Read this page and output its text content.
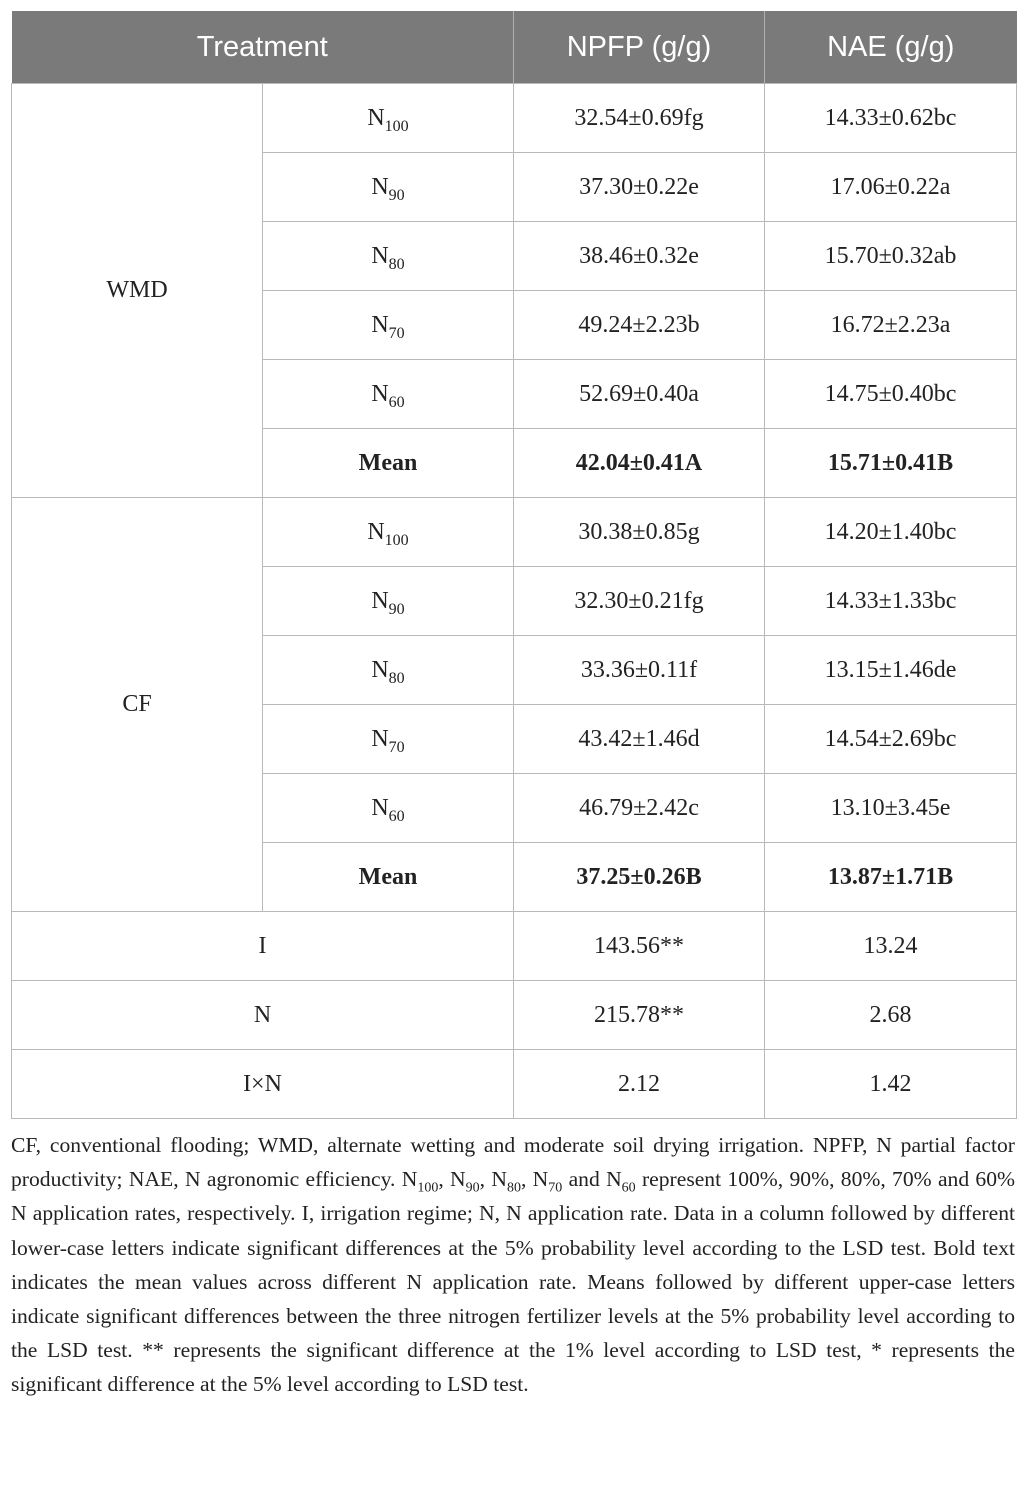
Treatment		NPFP (g/g)	NAE (g/g)
WMD	$N_{100}$	32.54±0.69fg	14.33±0.62bc
	$N_{90}$	37.30±0.22e	17.06±0.22a
	$N_{80}$	38.46±0.32e	15.70±0.32ab
	$N_{70}$	49.24±2.23b	16.72±2.23a
	$N_{60}$	52.69±0.40a	14.75±0.40bc
	Mean	42.04±0.41A	15.71±0.41B
CF	$N_{100}$	30.38±0.85g	14.20±1.40bc
	$N_{90}$	32.30±0.21fg	14.33±1.33bc
	$N_{80}$	33.36±0.11f	13.15±1.46de
	$N_{70}$	43.42±1.46d	14.54±2.69bc
	$N_{60}$	46.79±2.42c	13.10±3.45e
	Mean	37.25±0.26B	13.87±1.71B
I		143.56**	13.24
N		215.78**	2.68
I×N		2.12	1.42

CF, conventional flooding; WMD, alternate wetting and moderate soil drying irrigation. NPFP, N partial factor productivity; NAE, N agronomic efficiency. $N_{100}$, $N_{90}$, $N_{80}$, $N_{70}$ and $N_{60}$ represent 100%, 90%, 80%, 70% and 60% N application rates, respectively. I, irrigation regime; N, N application rate. Data in a column followed by different lower-case letters indicate significant differences at the 5% probability level according to the LSD test. Bold text indicates the mean values across different N application rate. Means followed by different upper-case letters indicate significant differences between the three nitrogen fertilizer levels at the 5% probability level according to the LSD test. ** represents the significant difference at the 1% level according to LSD test, * represents the significant difference at the 5% level according to LSD test.
